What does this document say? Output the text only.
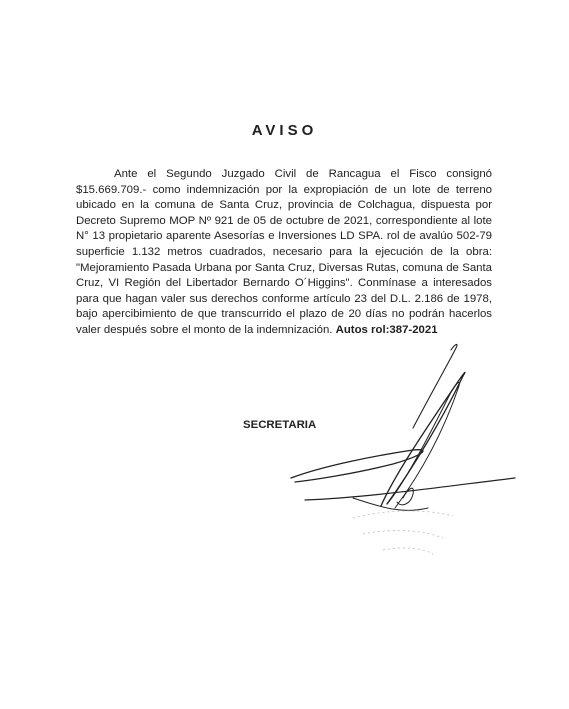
AVISO

Ante el Segundo Juzgado Civil de Rancagua el Fisco consignó $15.669.709.- como indemnización por la expropiación de un lote de terreno ubicado en la comuna de Santa Cruz, provincia de Colchagua, dispuesta por Decreto Supremo MOP Nº 921 de 05 de octubre de 2021, correspondiente al lote N° 13 propietario aparente Asesorías e Inversiones LD SPA. rol de avalúo 502-79 superficie 1.132 metros cuadrados, necesario para la ejecución de la obra: "Mejoramiento Pasada Urbana por Santa Cruz, Diversas Rutas, comuna de Santa Cruz, VI Región del Libertador Bernardo O´Higgins". Conmínase a interesados para que hagan valer sus derechos conforme artículo 23 del D.L. 2.186 de 1978, bajo apercibimiento de que transcurrido el plazo de 20 días no podrán hacerlos valer después sobre el monto de la indemnización. Autos rol:387-2021

SECRETARIA
